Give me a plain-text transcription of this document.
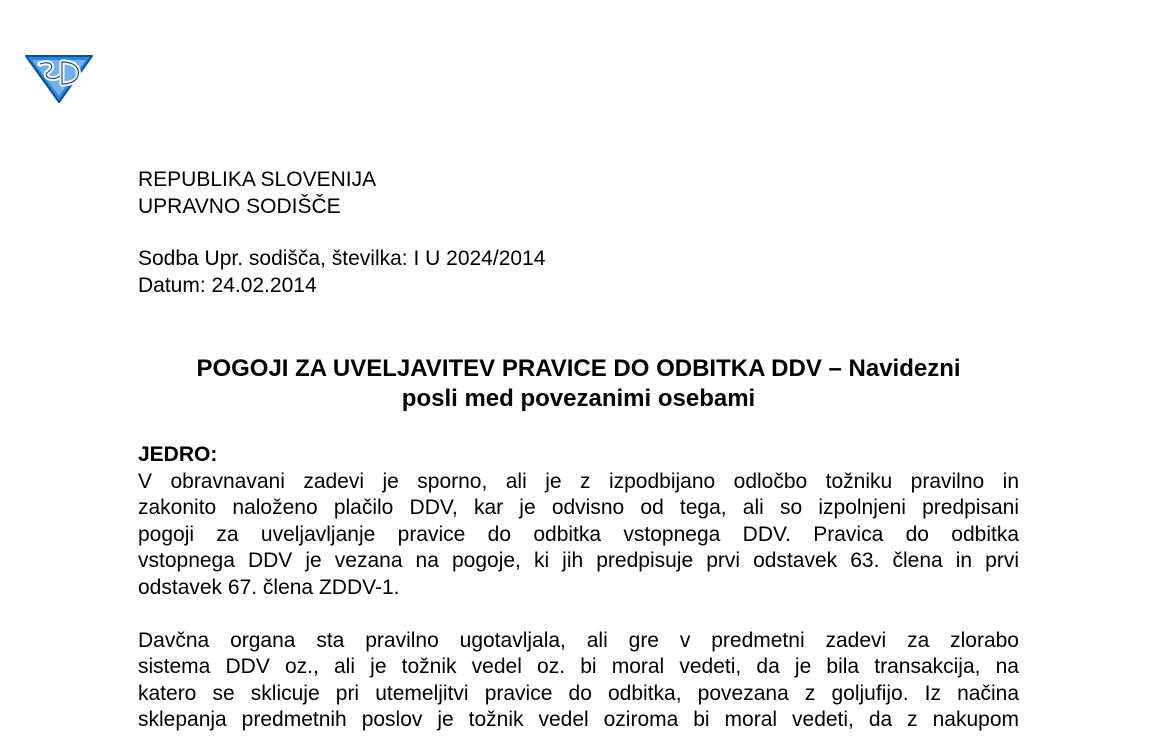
REPUBLIKA SLOVENIJA
UPRAVNO SODIŠČE
Sodba Upr. sodišča, številka: I U 2024/2014
Datum: 24.02.2014
POGOJI ZA UVELJAVITEV PRAVICE DO ODBITKA DDV – Navidezni
posli med povezanimi osebami
JEDRO:
V obravnavani zadevi je sporno, ali je z izpodbijano odločbo tožniku pravilno in
zakonito naloženo plačilo DDV, kar je odvisno od tega, ali so izpolnjeni predpisani
pogoji za uveljavljanje pravice do odbitka vstopnega DDV. Pravica do odbitka
vstopnega DDV je vezana na pogoje, ki jih predpisuje prvi odstavek 63. člena in prvi
odstavek 67. člena ZDDV-1.
Davčna organa sta pravilno ugotavljala, ali gre v predmetni zadevi za zlorabo
sistema DDV oz., ali je tožnik vedel oz. bi moral vedeti, da je bila transakcija, na
katero se sklicuje pri utemeljitvi pravice do odbitka, povezana z goljufijo. Iz načina
sklepanja predmetnih poslov je tožnik vedel oziroma bi moral vedeti, da z nakupom
